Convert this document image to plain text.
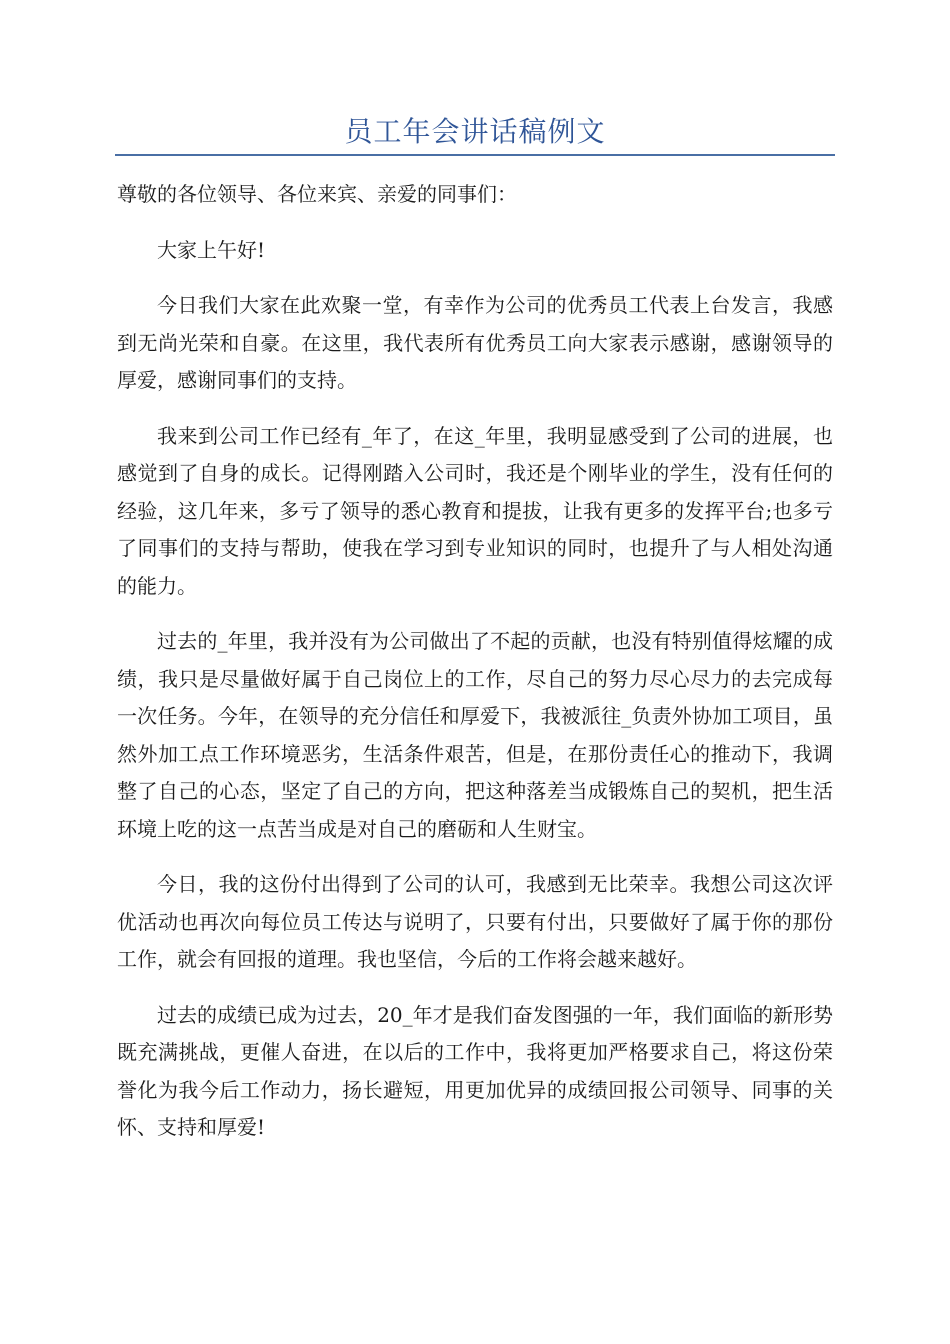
员工年会讲话稿例文

尊敬的各位领导、各位来宾、亲爱的同事们：

大家上午好!

今日我们大家在此欢聚一堂，有幸作为公司的优秀员工代表上台发言，我感到无尚光荣和自豪。在这里，我代表所有优秀员工向大家表示感谢，感谢领导的厚爱，感谢同事们的支持。

我来到公司工作已经有_年了，在这_年里，我明显感受到了公司的进展，也感觉到了自身的成长。记得刚踏入公司时，我还是个刚毕业的学生，没有任何的经验，这几年来，多亏了领导的悉心教育和提拔，让我有更多的发挥平台;也多亏了同事们的支持与帮助，使我在学习到专业知识的同时，也提升了与人相处沟通的能力。

过去的_年里，我并没有为公司做出了不起的贡献，也没有特别值得炫耀的成绩，我只是尽量做好属于自己岗位上的工作，尽自己的努力尽心尽力的去完成每一次任务。今年，在领导的充分信任和厚爱下，我被派往_负责外协加工项目，虽然外加工点工作环境恶劣，生活条件艰苦，但是，在那份责任心的推动下，我调整了自己的心态，坚定了自己的方向，把这种落差当成锻炼自己的契机，把生活环境上吃的这一点苦当成是对自己的磨砺和人生财宝。

今日，我的这份付出得到了公司的认可，我感到无比荣幸。我想公司这次评优活动也再次向每位员工传达与说明了，只要有付出，只要做好了属于你的那份工作，就会有回报的道理。我也坚信，今后的工作将会越来越好。

过去的成绩已成为过去，20_年才是我们奋发图强的一年，我们面临的新形势既充满挑战，更催人奋进，在以后的工作中，我将更加严格要求自己，将这份荣誉化为我今后工作动力，扬长避短，用更加优异的成绩回报公司领导、同事的关怀、支持和厚爱!
